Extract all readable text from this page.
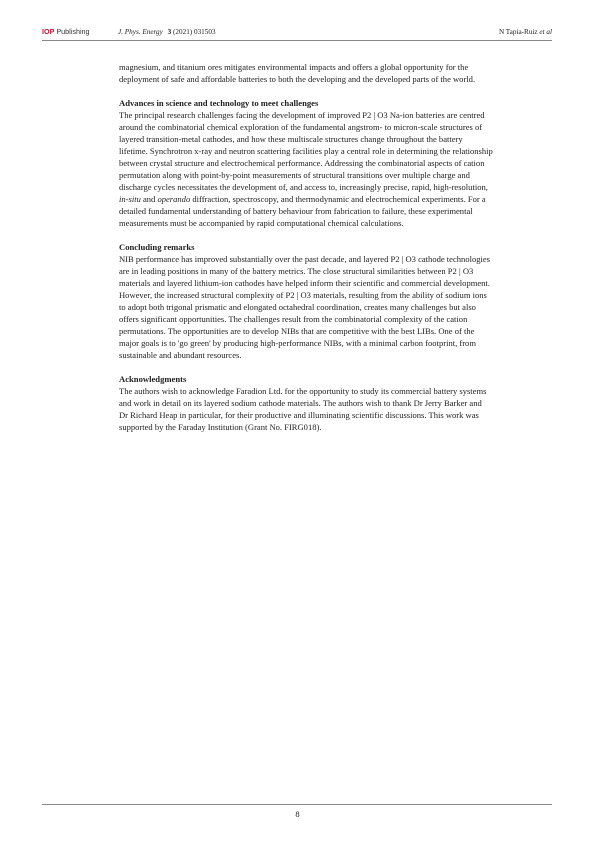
IOP Publishing	J. Phys. Energy 3 (2021) 031503	N Tapia-Ruiz et al

magnesium, and titanium ores mitigates environmental impacts and offers a global opportunity for the
deployment of safe and affordable batteries to both the developing and the developed parts of the world.

Advances in science and technology to meet challenges

The principal research challenges facing the development of improved P2 | O3 Na-ion batteries are centred
around the combinatorial chemical exploration of the fundamental angstrom- to micron-scale structures of
layered transition-metal cathodes, and how these multiscale structures change throughout the battery
lifetime. Synchrotron x-ray and neutron scattering facilities play a central role in determining the relationship
between crystal structure and electrochemical performance. Addressing the combinatorial aspects of cation
permutation along with point-by-point measurements of structural transitions over multiple charge and
discharge cycles necessitates the development of, and access to, increasingly precise, rapid, high-resolution,
in-situ and operando diffraction, spectroscopy, and thermodynamic and electrochemical experiments. For a
detailed fundamental understanding of battery behaviour from fabrication to failure, these experimental
measurements must be accompanied by rapid computational chemical calculations.

Concluding remarks

NIB performance has improved substantially over the past decade, and layered P2 | O3 cathode technologies
are in leading positions in many of the battery metrics. The close structural similarities between P2 | O3
materials and layered lithium-ion cathodes have helped inform their scientific and commercial development.
However, the increased structural complexity of P2 | O3 materials, resulting from the ability of sodium ions
to adopt both trigonal prismatic and elongated octahedral coordination, creates many challenges but also
offers significant opportunities. The challenges result from the combinatorial complexity of the cation
permutations. The opportunities are to develop NIBs that are competitive with the best LIBs. One of the
major goals is to 'go green' by producing high-performance NIBs, with a minimal carbon footprint, from
sustainable and abundant resources.

Acknowledgments

The authors wish to acknowledge Faradion Ltd. for the opportunity to study its commercial battery systems
and work in detail on its layered sodium cathode materials. The authors wish to thank Dr Jerry Barker and
Dr Richard Heap in particular, for their productive and illuminating scientific discussions. This work was
supported by the Faraday Institution (Grant No. FIRG018).

8
